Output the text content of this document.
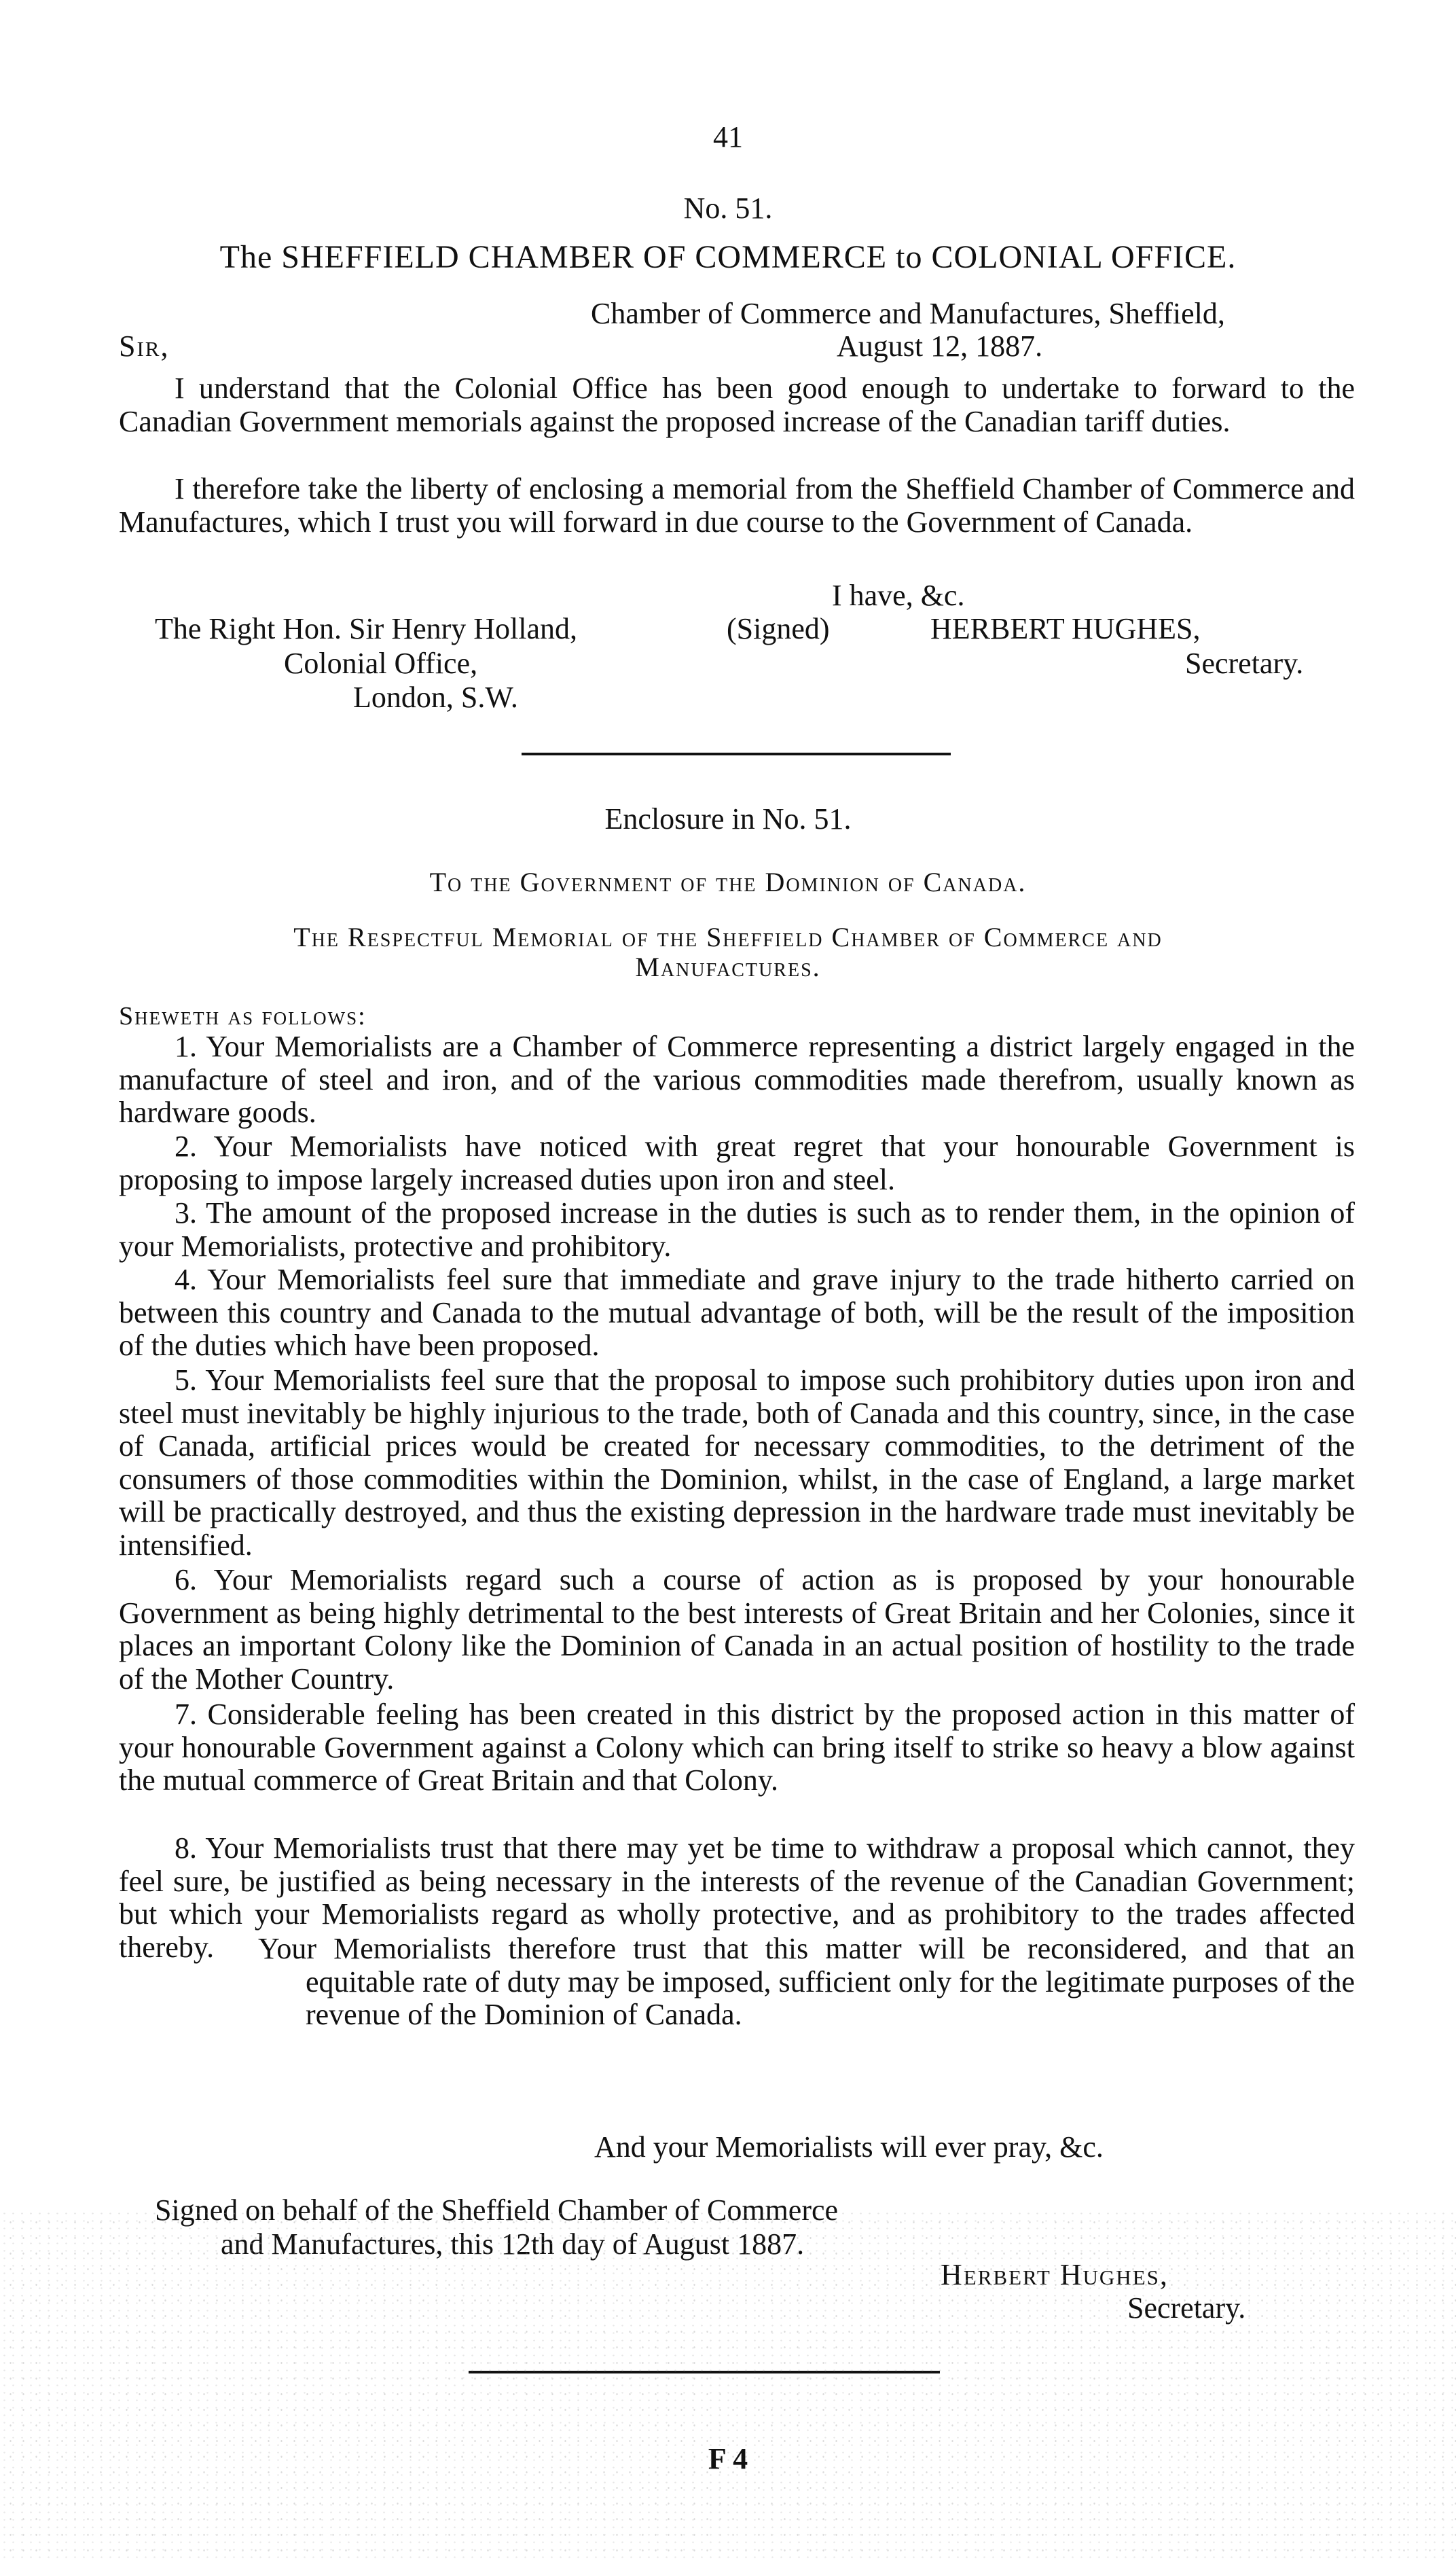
41
No. 51.
The SHEFFIELD CHAMBER OF COMMERCE to COLONIAL OFFICE.
Chamber of Commerce and Manufactures, Sheffield,
Sir,	August 12, 1887.
I understand that the Colonial Office has been good enough to undertake to forward to the Canadian Government memorials against the proposed increase of the Canadian tariff duties.
I therefore take the liberty of enclosing a memorial from the Sheffield Chamber of Commerce and Manufactures, which I trust you will forward in due course to the Government of Canada.
I have, &c.
The Right Hon. Sir Henry Holland,	(Signed)	HERBERT HUGHES,
Colonial Office,	Secretary.
London, S.W.
Enclosure in No. 51.
To the Government of the Dominion of Canada.
The Respectful Memorial of the Sheffield Chamber of Commerce and
Manufactures.
Sheweth as follows:
1. Your Memorialists are a Chamber of Commerce representing a district largely engaged in the manufacture of steel and iron, and of the various commodities made therefrom, usually known as hardware goods.
2. Your Memorialists have noticed with great regret that your honourable Government is proposing to impose largely increased duties upon iron and steel.
3. The amount of the proposed increase in the duties is such as to render them, in the opinion of your Memorialists, protective and prohibitory.
4. Your Memorialists feel sure that immediate and grave injury to the trade hitherto carried on between this country and Canada to the mutual advantage of both, will be the result of the imposition of the duties which have been proposed.
5. Your Memorialists feel sure that the proposal to impose such prohibitory duties upon iron and steel must inevitably be highly injurious to the trade, both of Canada and this country, since, in the case of Canada, artificial prices would be created for necessary commodities, to the detriment of the consumers of those commodities within the Dominion, whilst, in the case of England, a large market will be practically destroyed, and thus the existing depression in the hardware trade must inevitably be intensified.
6. Your Memorialists regard such a course of action as is proposed by your honourable Government as being highly detrimental to the best interests of Great Britain and her Colonies, since it places an important Colony like the Dominion of Canada in an actual position of hostility to the trade of the Mother Country.
7. Considerable feeling has been created in this district by the proposed action in this matter of your honourable Government against a Colony which can bring itself to strike so heavy a blow against the mutual commerce of Great Britain and that Colony.
8. Your Memorialists trust that there may yet be time to withdraw a proposal which cannot, they feel sure, be justified as being necessary in the interests of the revenue of the Canadian Government; but which your Memorialists regard as wholly protective, and as prohibitory to the trades affected thereby.	Your Memorialists therefore trust that this matter will be reconsidered, and that an equitable rate of duty may be imposed, sufficient only for the legitimate purposes of the revenue of the Dominion of Canada.
And your Memorialists will ever pray, &c.
Signed on behalf of the Sheffield Chamber of Commerce
and Manufactures, this 12th day of August 1887.
Herbert Hughes,
Secretary.
F 4
